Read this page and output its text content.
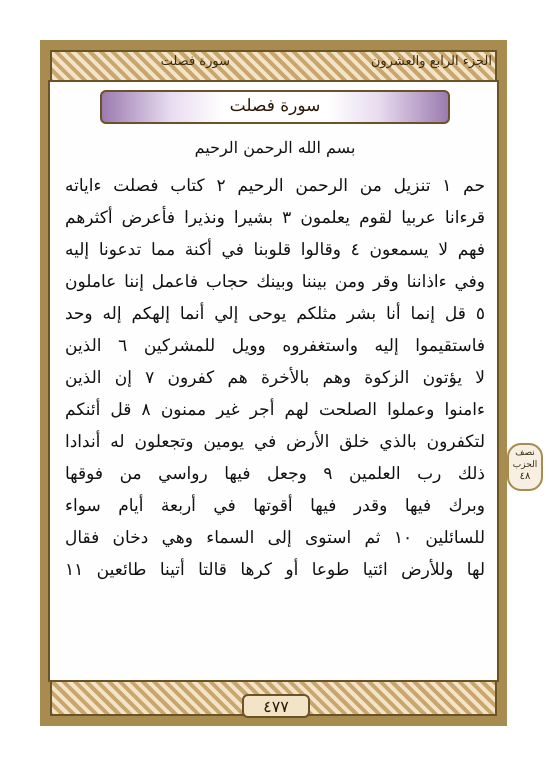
الجزء الرابع والعشرون
سورة فصلت
سورة فصلت
بسم الله الرحمن الرحيم
حم ١ تنزيل من الرحمن الرحيم ٢ كتاب فصلت ءاياته
قرءانا عربيا لقوم يعلمون ٣ بشيرا ونذيرا فأعرض أكثرهم
فهم لا يسمعون ٤ وقالوا قلوبنا في أكنة مما تدعونا إليه
وفي ءاذاننا وقر ومن بيننا وبينك حجاب فاعمل إننا عاملون
٥ قل إنما أنا بشر مثلكم يوحى إلي أنما إلهكم إله وحد
فاستقيموا إليه واستغفروه وويل للمشركين ٦ الذين
لا يؤتون الزكوة وهم بالأخرة هم كفرون ٧ إن الذين
ءامنوا وعملوا الصلحت لهم أجر غير ممنون ٨ قل أئنكم
لتكفرون بالذي خلق الأرض في يومين وتجعلون له أندادا
ذلك رب العلمين ٩ وجعل فيها رواسي من فوقها
وبرك فيها وقدر فيها أقوتها في أربعة أيام سواء
للسائلين ١٠ ثم استوى إلى السماء وهي دخان فقال
لها وللأرض ائتيا طوعا أو كرها قالتا أتينا طائعين ١١
نصف
الحزب
٤٨
٤٧٧
